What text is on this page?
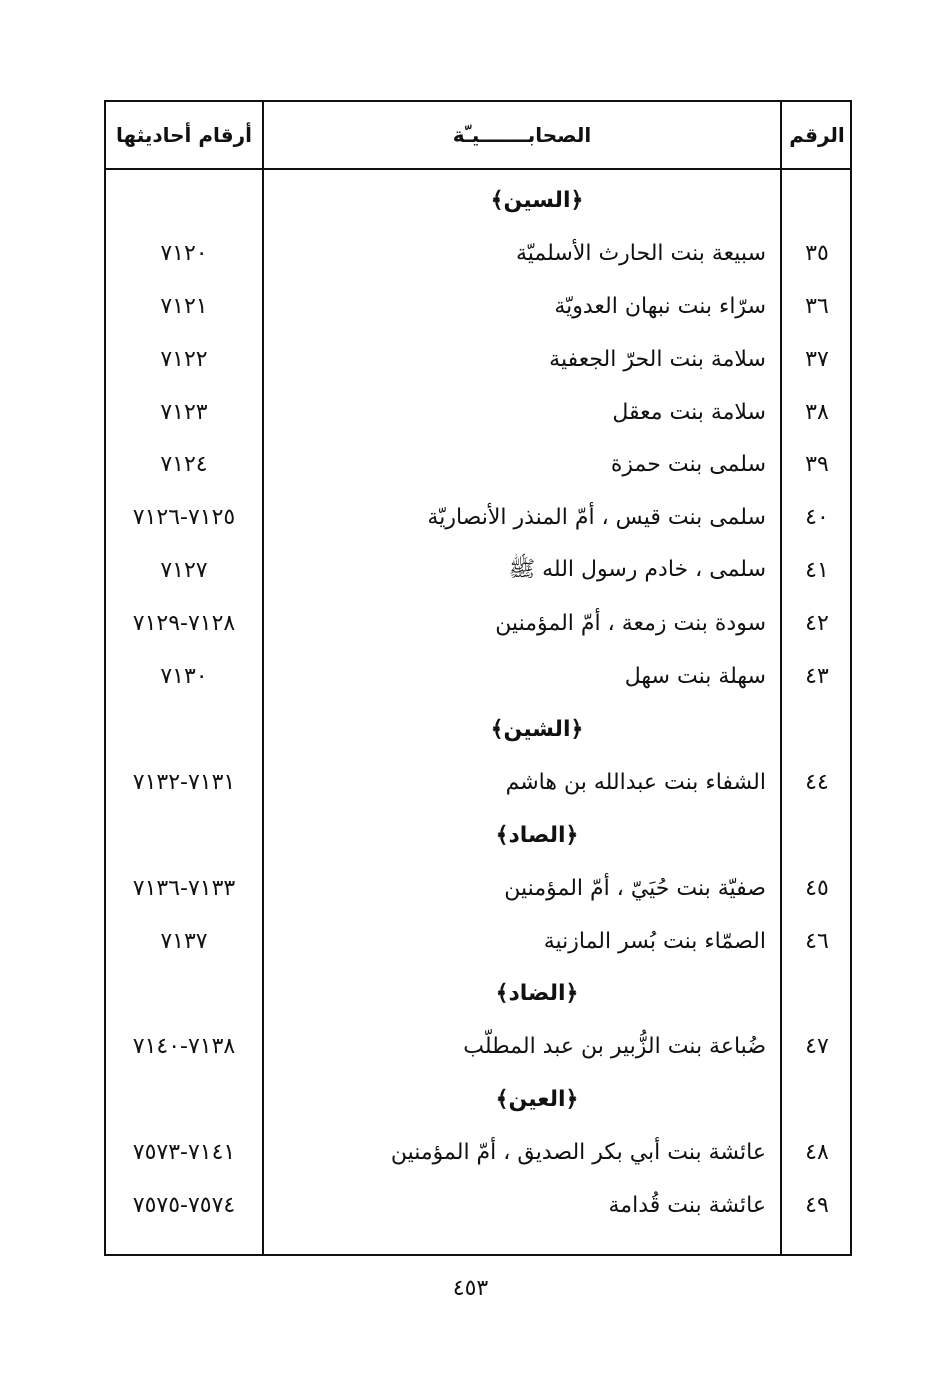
أرقام أحاديثها	الصحابـــــــيـّة	الرقم
﴿السين﴾
٧١٢٠	سبيعة بنت الحارث الأسلميّة	٣٥
٧١٢١	سرّاء بنت نبهان العدويّة	٣٦
٧١٢٢	سلامة بنت الحرّ الجعفية	٣٧
٧١٢٣	سلامة بنت معقل	٣٨
٧١٢٤	سلمى بنت حمزة	٣٩
٧١٢٥-٧١٢٦	سلمى بنت قيس ، أمّ المنذر الأنصاريّة	٤٠
٧١٢٧	سلمى ، خادم رسول الله ﷺ	٤١
٧١٢٨-٧١٢٩	سودة بنت زمعة ، أمّ المؤمنين	٤٢
٧١٣٠	سهلة بنت سهل	٤٣
﴿الشين﴾
٧١٣١-٧١٣٢	الشفاء بنت عبدالله بن هاشم	٤٤
﴿الصاد﴾
٧١٣٣-٧١٣٦	صفيّة بنت حُيَيّ ، أمّ المؤمنين	٤٥
٧١٣٧	الصمّاء بنت بُسر المازنية	٤٦
﴿الضاد﴾
٧١٣٨-٧١٤٠	ضُباعة بنت الزُّبير بن عبد المطلّب	٤٧
﴿العين﴾
٧١٤١-٧٥٧٣	عائشة بنت أبي بكر الصديق ، أمّ المؤمنين	٤٨
٧٥٧٤-٧٥٧٥	عائشة بنت قُدامة	٤٩
٤٥٣
